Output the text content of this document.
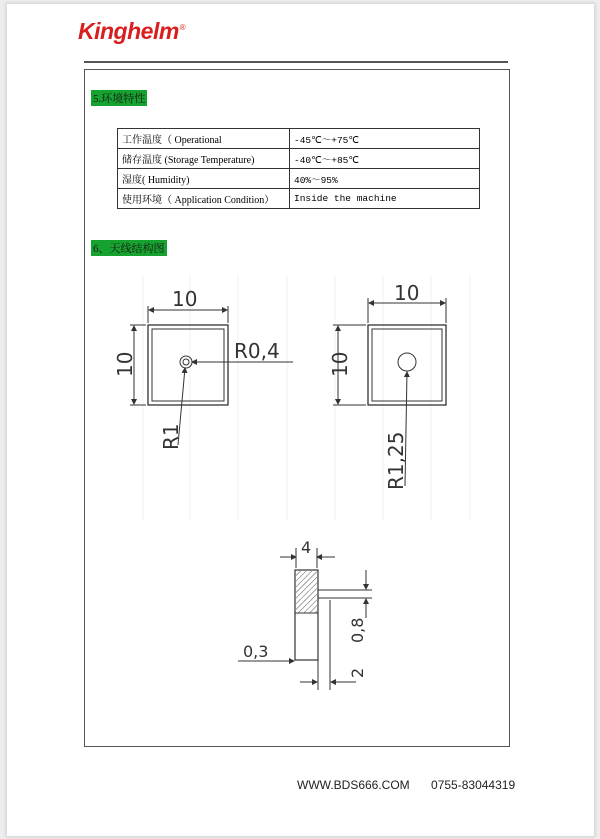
Kinghelm®
5.环境特性
工作温度（ Operational	-45℃～+75℃
储存温度 (Storage Temperature)	-40℃～+85℃
湿度( Humidity)	40%～95%
使用环境（ Application Condition）	Inside the machine
6、天线结构图
10
10
R0,4
R1
10
10
R1,25
4
0,8
0,3
2
WWW.BDS666.COM 0755-83044319
